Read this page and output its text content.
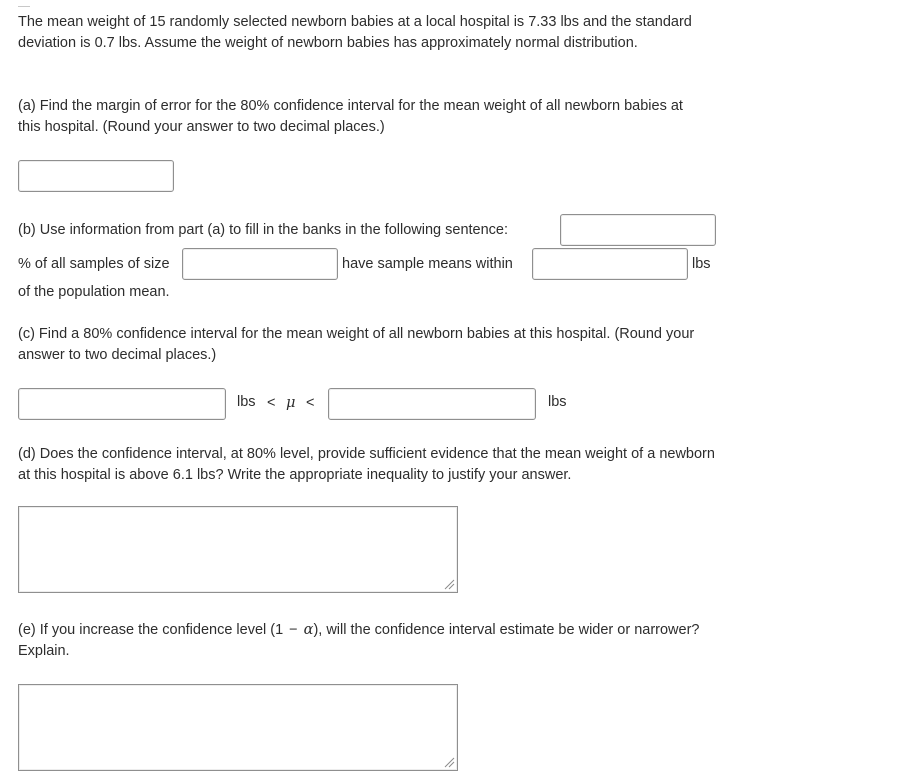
The mean weight of 15 randomly selected newborn babies at a local hospital is 7.33 lbs and the standard deviation is 0.7 lbs. Assume the weight of newborn babies has approximately normal distribution.

(a) Find the margin of error for the 80% confidence interval for the mean weight of all newborn babies at this hospital. (Round your answer to two decimal places.)

(b) Use information from part (a) to fill in the banks in the following sentence:
% of all samples of size	have sample means within	lbs
of the population mean.

(c) Find a 80% confidence interval for the mean weight of all newborn babies at this hospital. (Round your answer to two decimal places.)

lbs < μ <	lbs

(d) Does the confidence interval, at 80% level, provide sufficient evidence that the mean weight of a newborn at this hospital is above 6.1 lbs? Write the appropriate inequality to justify your answer.

(e) If you increase the confidence level (1 − α), will the confidence interval estimate be wider or narrower? Explain.
